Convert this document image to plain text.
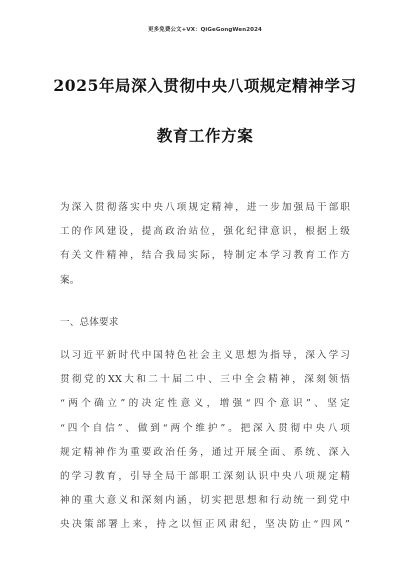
更多免费公文+VX：QiGeGongWen2024
2025年局深入贯彻中央八项规定精神学习
教育工作方案
为深入贯彻落实中央八项规定精神，进一步加强局干部职
工的作风建设，提高政治站位，强化纪律意识，根据上级
有关文件精神，结合我局实际，特制定本学习教育工作方
案。
一、总体要求
以习近平新时代中国特色社会主义思想为指导，深入学习
贯彻党的XX大和二十届二中、三中全会精神，深刻领悟
“两个确立”的决定性意义，增强“四个意识”、坚定
“四个自信”、做到“两个维护”。把深入贯彻中央八项
规定精神作为重要政治任务，通过开展全面、系统、深入
的学习教育，引导全局干部职工深刻认识中央八项规定精
神的重大意义和深刻内涵，切实把思想和行动统一到党中
央决策部署上来，持之以恒正风肃纪，坚决防止“四风”
